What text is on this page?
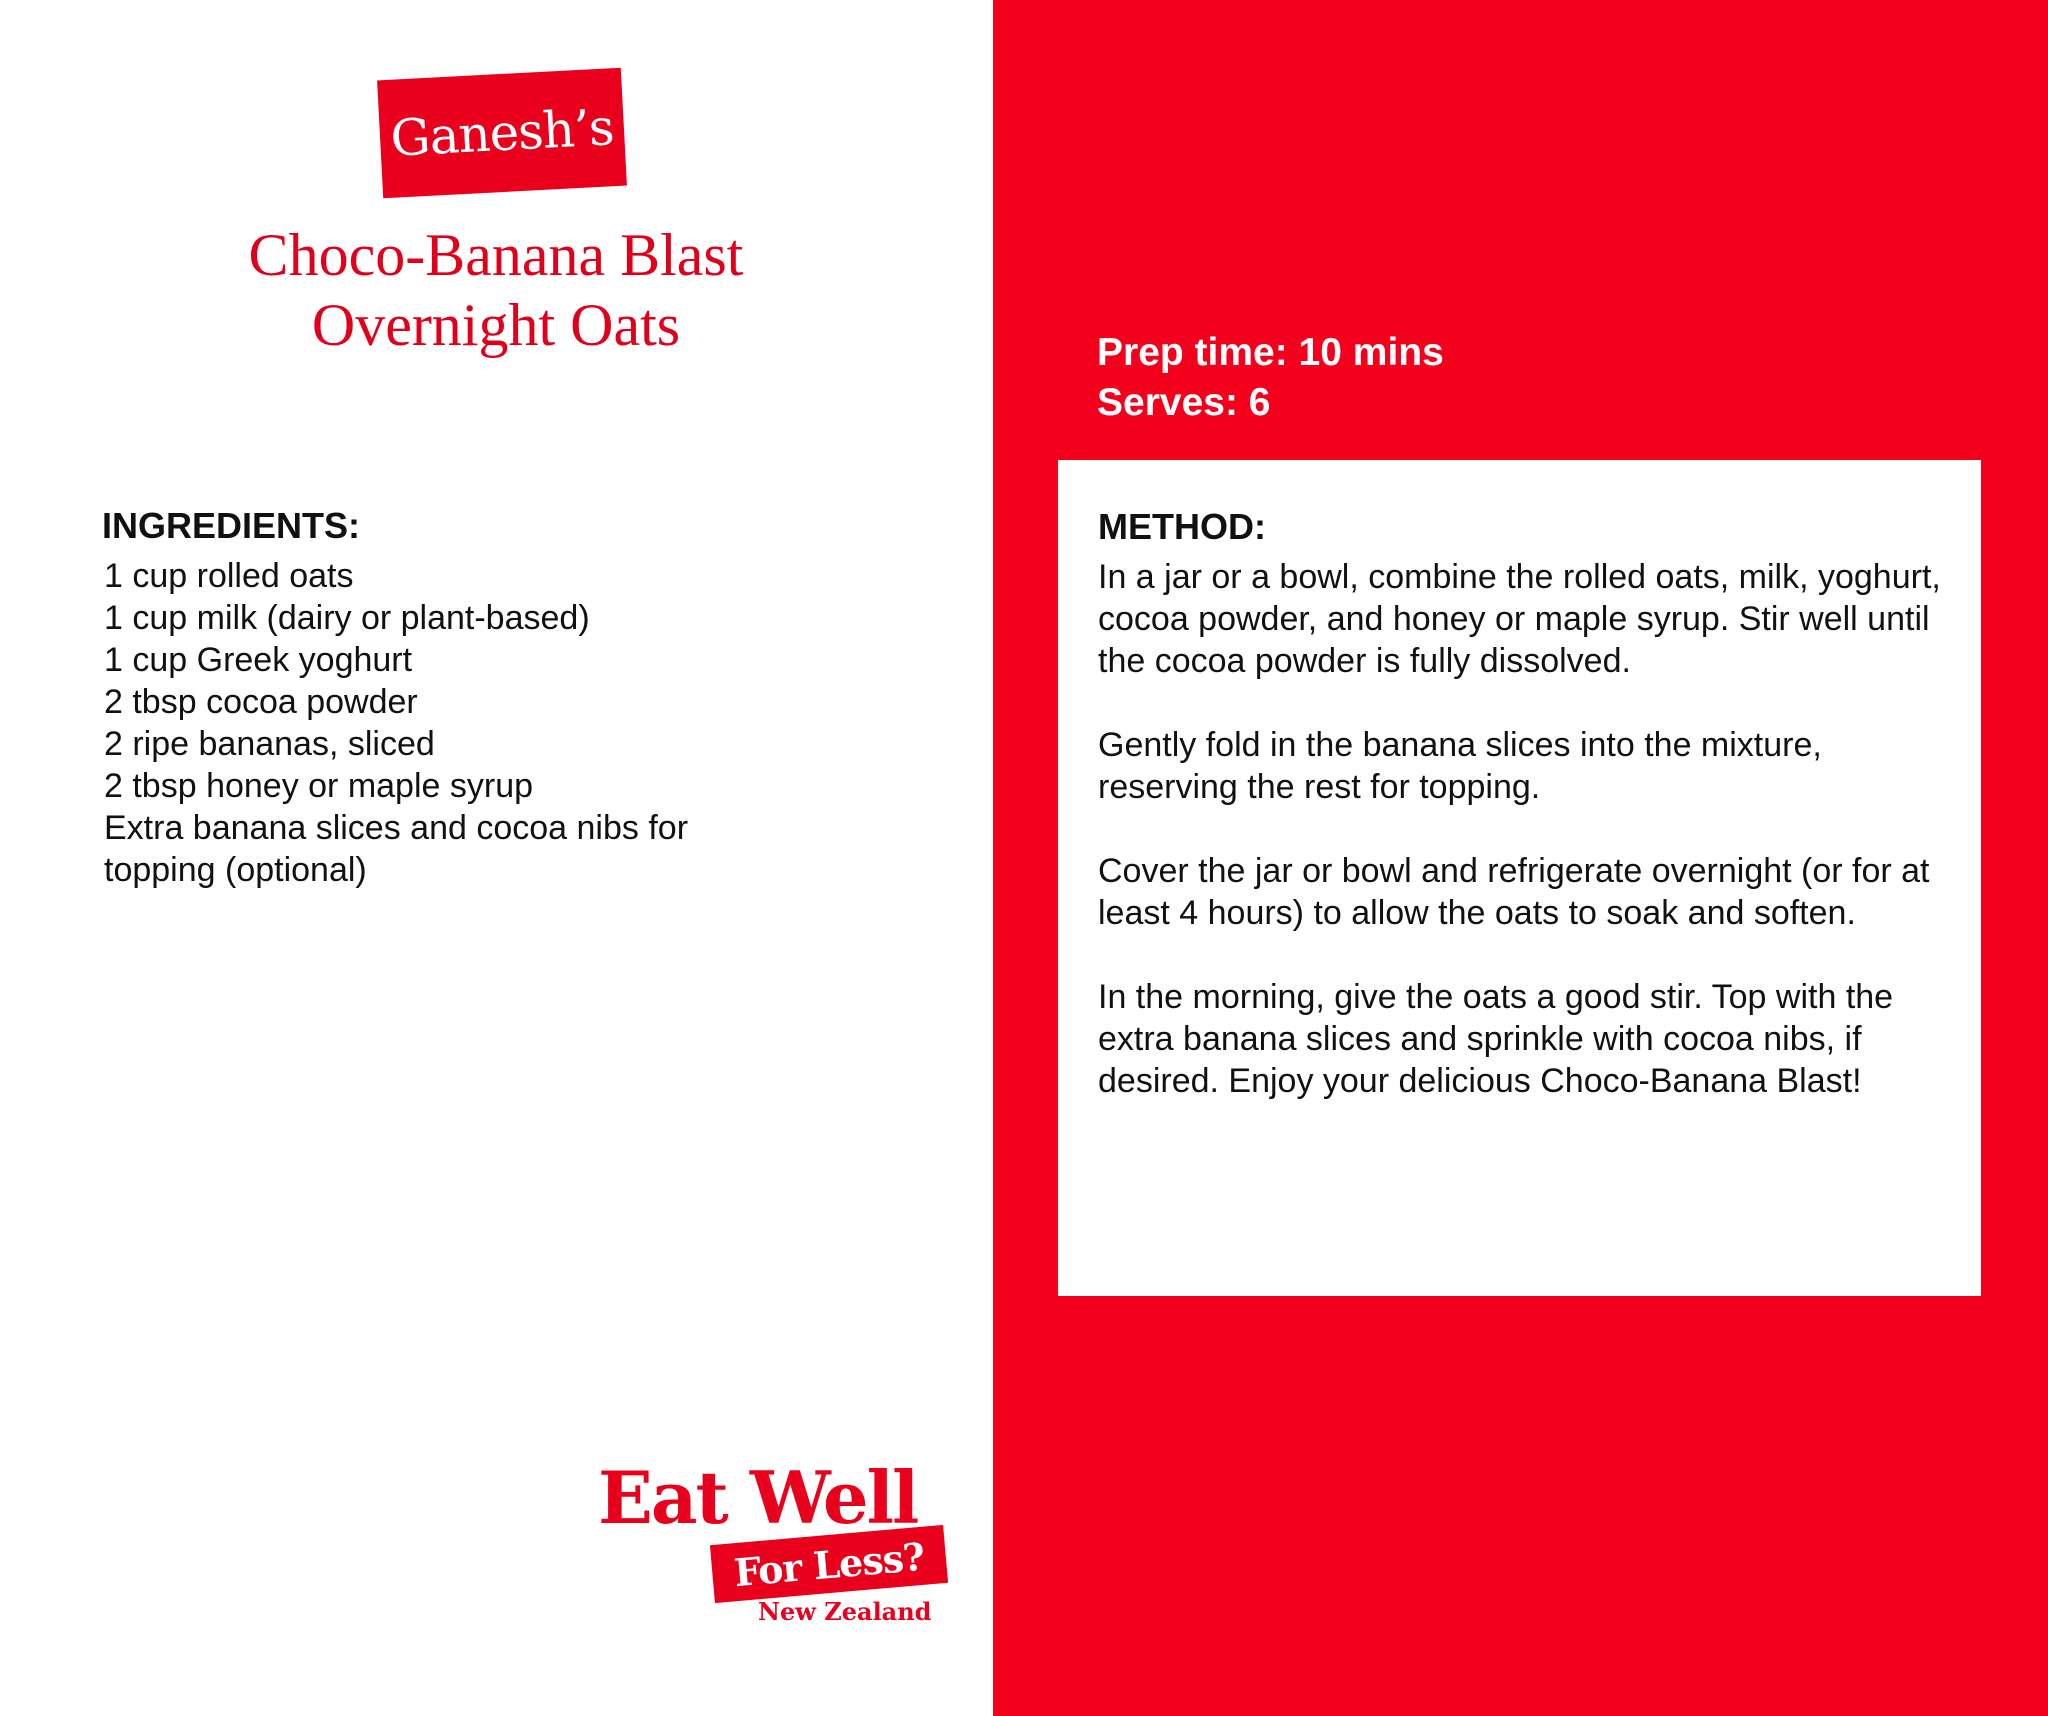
Ganesh’s
Choco-Banana Blast
Overnight Oats
INGREDIENTS:
1 cup rolled oats
1 cup milk (dairy or plant-based)
1 cup Greek yoghurt
2 tbsp cocoa powder
2 ripe bananas, sliced
2 tbsp honey or maple syrup
Extra banana slices and cocoa nibs for topping (optional)
Eat Well
For Less?
New Zealand
Prep time: 10 mins
Serves: 6
METHOD:

In a jar or a bowl, combine the rolled oats, milk, yoghurt, cocoa powder, and honey or maple syrup. Stir well until the cocoa powder is fully dissolved.

Gently fold in the banana slices into the mixture, reserving the rest for topping.

Cover the jar or bowl and refrigerate overnight (or for at least 4 hours) to allow the oats to soak and soften.

In the morning, give the oats a good stir. Top with the extra banana slices and sprinkle with cocoa nibs, if desired. Enjoy your delicious Choco-Banana Blast!
